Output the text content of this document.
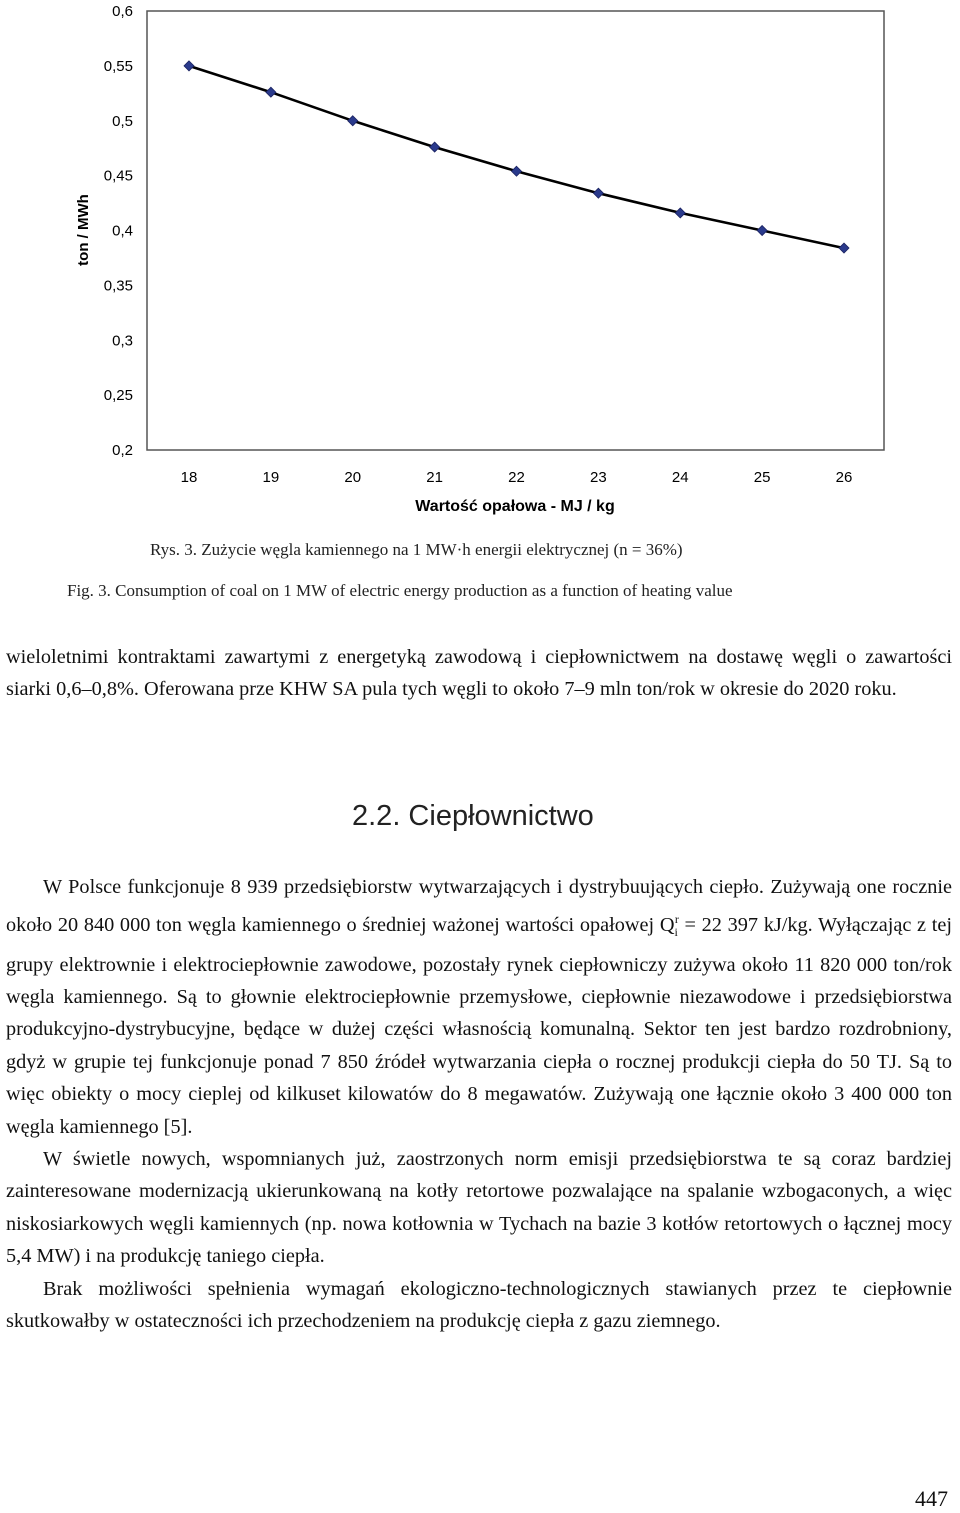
0,2
0,25
0,3
0,35
0,4
0,45
0,5
0,55
0,6
18	19	20	21	22	23	24	25	26
Wartość opałowa - MJ / kg
ton / MWh
Rys. 3. Zużycie węgla kamiennego na 1 MW·h energii elektrycznej (n = 36%)
Fig. 3. Consumption of coal on 1 MW of electric energy production as a function of heating value

wieloletnimi kontraktami zawartymi z energetyką zawodową i ciepłownictwem na dostawę węgli o zawartości siarki 0,6–0,8%. Oferowana prze KHW SA pula tych węgli to około 7–9 mln ton/rok w okresie do 2020 roku.

2.2. Ciepłownictwo

W Polsce funkcjonuje 8 939 przedsiębiorstw wytwarzających i dystrybuujących ciepło. Zużywają one rocznie około 20 840 000 ton węgla kamiennego o średniej ważonej wartości opałowej $Q_i^r = 22$ 397 kJ/kg. Wyłączając z tej grupy elektrownie i elektrociepłownie zawodowe, pozostały rynek ciepłowniczy zużywa około 11 820 000 ton/rok węgla kamiennego. Są to głownie elektrociepłownie przemysłowe, ciepłownie niezawodowe i przedsiębiorstwa produkcyjno-dystrybucyjne, będące w dużej części własnością komunalną. Sektor ten jest bardzo rozdrobniony, gdyż w grupie tej funkcjonuje ponad 7 850 źródeł wytwarzania ciepła o rocznej produkcji ciepła do 50 TJ. Są to więc obiekty o mocy cieplej od kilkuset kilowatów do 8 megawatów. Zużywają one łącznie około 3 400 000 ton węgla kamiennego [5].

W świetle nowych, wspomnianych już, zaostrzonych norm emisji przedsiębiorstwa te są coraz bardziej zainteresowane modernizacją ukierunkowaną na kotły retortowe pozwalające na spalanie wzbogaconych, a więc niskosiarkowych węgli kamiennych (np. nowa kotłownia w Tychach na bazie 3 kotłów retortowych o łącznej mocy 5,4 MW) i na produkcję taniego ciepła.

Brak możliwości spełnienia wymagań ekologiczno-technologicznych stawianych przez te ciepłownie skutkowałby w ostateczności ich przechodzeniem na produkcję ciepła z gazu ziemnego.

447
